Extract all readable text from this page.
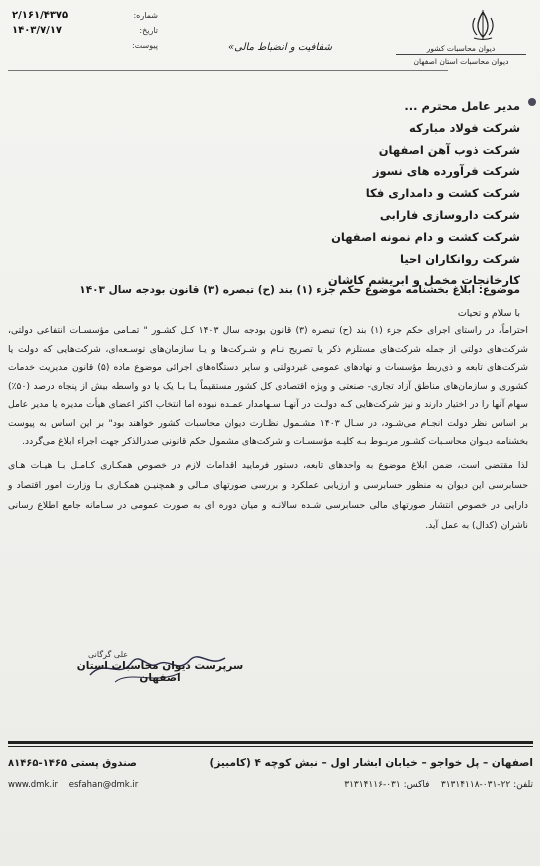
دیوان محاسبات کشور
دیوان محاسبات استان اصفهان
شفافیت و انضباط مالی»
شماره:
۲/۱۶۱/۴۳۷۵
تاریخ:
۱۴۰۳/۷/۱۷
پیوست:
مدیر عامل محترم ...
شرکت فولاد مبارکه
شرکت ذوب آهن اصفهان
شرکت فرآورده های نسوز
شرکت کشت و دامداری فکا
شرکت داروسازی فارابی
شرکت کشت و دام نمونه اصفهان
شرکت روانکاران احیا
کارخانجات مخمل و ابریشم کاشان
موضوع: ابلاغ بخشنامه موضوع حکم جزء (۱) بند (ح) تبصره (۳) قانون بودجه سال ۱۴۰۳
با سلام و تحیات

احتراماً، در راستای اجرای حکم جزء (۱) بند (ح) تبصره (۳) قانون بودجه سال ۱۴۰۳ کـل کشـور " تمـامی مؤسسـات انتفاعی دولتی، شرکت‌های دولتی از جمله شرکت‌های مستلزم ذکر یا تصریح نـام و شـرکت‌ها و یـا سازمان‌های توسـعه‌ای، شرکت‌هایی که دولت یا شرکت‌های تابعه و ذی‌ربط مؤسسات و نهادهای عمومی غیردولتی و سایر دستگاه‌های اجرائی موضوع ماده (۵) قانون مدیریت خدمات کشوری و سازمان‌های مناطق آزاد تجاری- صنعتی و ویژه اقتصادی کل کشور مستقیماً یـا بـا یک یا دو واسطه بیش از پنجاه درصد (۵۰٪) سهام آنها را در اختیار دارند و نیز شرکت‌هایی کـه دولـت در آنهـا سـهامدار عمـده نبوده اما انتخاب اکثر اعضای هیأت مدیره یا مدیر عامل بر اساس نظر دولت انجـام می‌شـود، در سـال ۱۴۰۳ مشـمول نظـارت دیوان محاسبات کشور خواهند بود" بر این اساس به پیوست بخشنامه دیـوان محاسـبات کشـور مربـوط بـه کلیـه مؤسسـات و شرکت‌های مشمول حکم قانونی صدرالذکر جهت اجراء ابلاغ می‌گردد.

لذا مقتضی است، ضمن ابلاغ موضوع به واحدهای تابعه، دستور فرمایید اقدامات لازم در خصوص همکـاری کـامـل بـا هیـات هـای حسابرسی این دیوان به منظور حسابرسی و ارزیابی عملکرد و بررسی صورتهای مـالی و همچنیـن همکـاری بـا وزارت امور اقتصاد و دارایی در خصوص انتشار صورتهای مالی حسابرسی شـده سالانـه و میان دوره ای به صورت عمومی در سـامانه جامع اطلاع رسانی ناشران (کدال) به عمل آید.

علی گرگانی
سرپرست دیوان محاسبات استان اصفهان
اصفهان – پل خواجو – خیابان ابشار اول – نبش کوچه ۴ (کامبیز)
صندوق پستی ۱۴۶۵-۸۱۴۶۵
تلفن: ۲۲-۰۳۱-۳۱۳۱۴۱۱۸    فاکس: ۰۳۱-۳۱۳۱۴۱۱۶
www.dmk.ir esfahan@dmk.ir
